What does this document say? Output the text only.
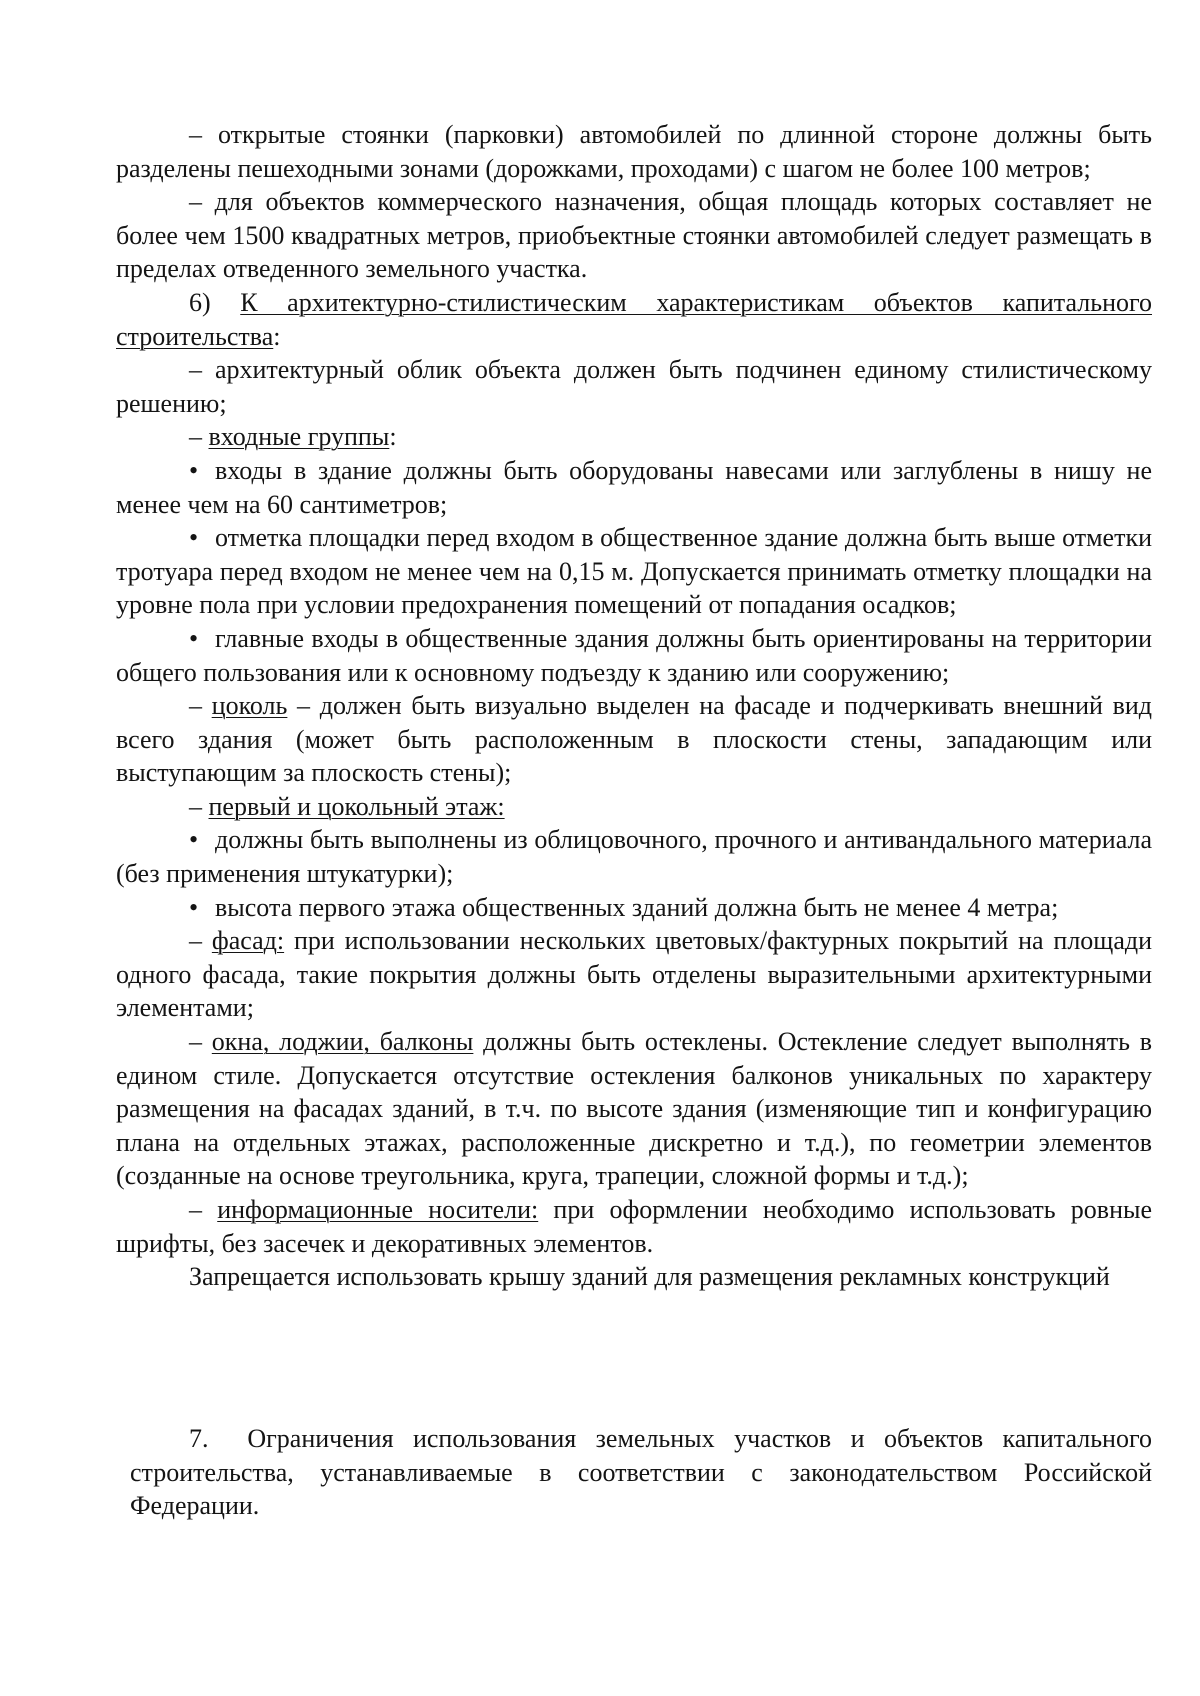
– открытые стоянки (парковки) автомобилей по длинной стороне должны быть разделены пешеходными зонами (дорожками, проходами) с шагом не более 100 метров;

– для объектов коммерческого назначения, общая площадь которых составляет не более чем 1500 квадратных метров, приобъектные стоянки автомобилей следует размещать в пределах отведенного земельного участка.

6) К архитектурно-стилистическим характеристикам объектов капитального строительства:

– архитектурный облик объекта должен быть подчинен единому стилистическому решению;

– входные группы:

• входы в здание должны быть оборудованы навесами или заглублены в нишу не менее чем на 60 сантиметров;

• отметка площадки перед входом в общественное здание должна быть выше отметки тротуара перед входом не менее чем на 0,15 м. Допускается принимать отметку площадки на уровне пола при условии предохранения помещений от попадания осадков;

• главные входы в общественные здания должны быть ориентированы на территории общего пользования или к основному подъезду к зданию или сооружению;

– цоколь – должен быть визуально выделен на фасаде и подчеркивать внешний вид всего здания (может быть расположенным в плоскости стены, западающим или выступающим за плоскость стены);

– первый и цокольный этаж:

• должны быть выполнены из облицовочного, прочного и антивандального материала (без применения штукатурки);

• высота первого этажа общественных зданий должна быть не менее 4 метра;

– фасад: при использовании нескольких цветовых/фактурных покрытий на площади одного фасада, такие покрытия должны быть отделены выразительными архитектурными элементами;

– окна, лоджии, балконы должны быть остеклены. Остекление следует выполнять в едином стиле. Допускается отсутствие остекления балконов уникальных по характеру размещения на фасадах зданий, в т.ч. по высоте здания (изменяющие тип и конфигурацию плана на отдельных этажах, расположенные дискретно и т.д.), по геометрии элементов (созданные на основе треугольника, круга, трапеции, сложной формы и т.д.);

– информационные носители: при оформлении необходимо использовать ровные шрифты, без засечек и декоративных элементов.

Запрещается использовать крышу зданий для размещения рекламных конструкций

7. Ограничения использования земельных участков и объектов капитального строительства, устанавливаемые в соответствии с законодательством Российской Федерации.
